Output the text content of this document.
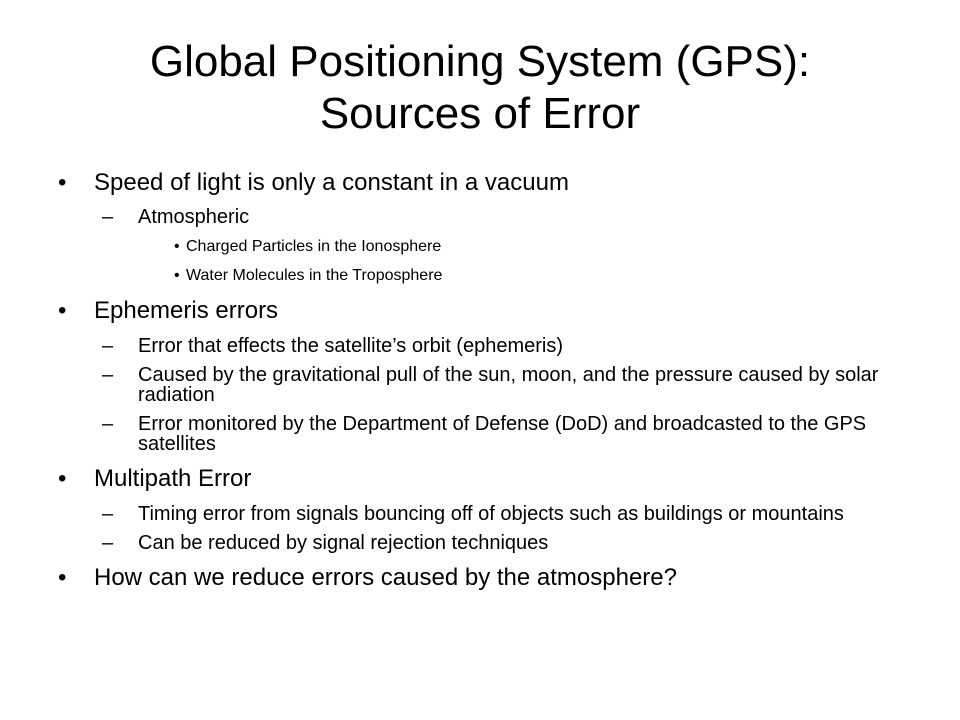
Global Positioning System (GPS):
Sources of Error
• Speed of light is only a constant in a vacuum
– Atmospheric
• Charged Particles in the Ionosphere
• Water Molecules in the Troposphere
• Ephemeris errors
– Error that effects the satellite’s orbit (ephemeris)
– Caused by the gravitational pull of the sun, moon, and the pressure caused by solar radiation
– Error monitored by the Department of Defense (DoD) and broadcasted to the GPS satellites
• Multipath Error
– Timing error from signals bouncing off of objects such as buildings or mountains
– Can be reduced by signal rejection techniques
• How can we reduce errors caused by the atmosphere?
